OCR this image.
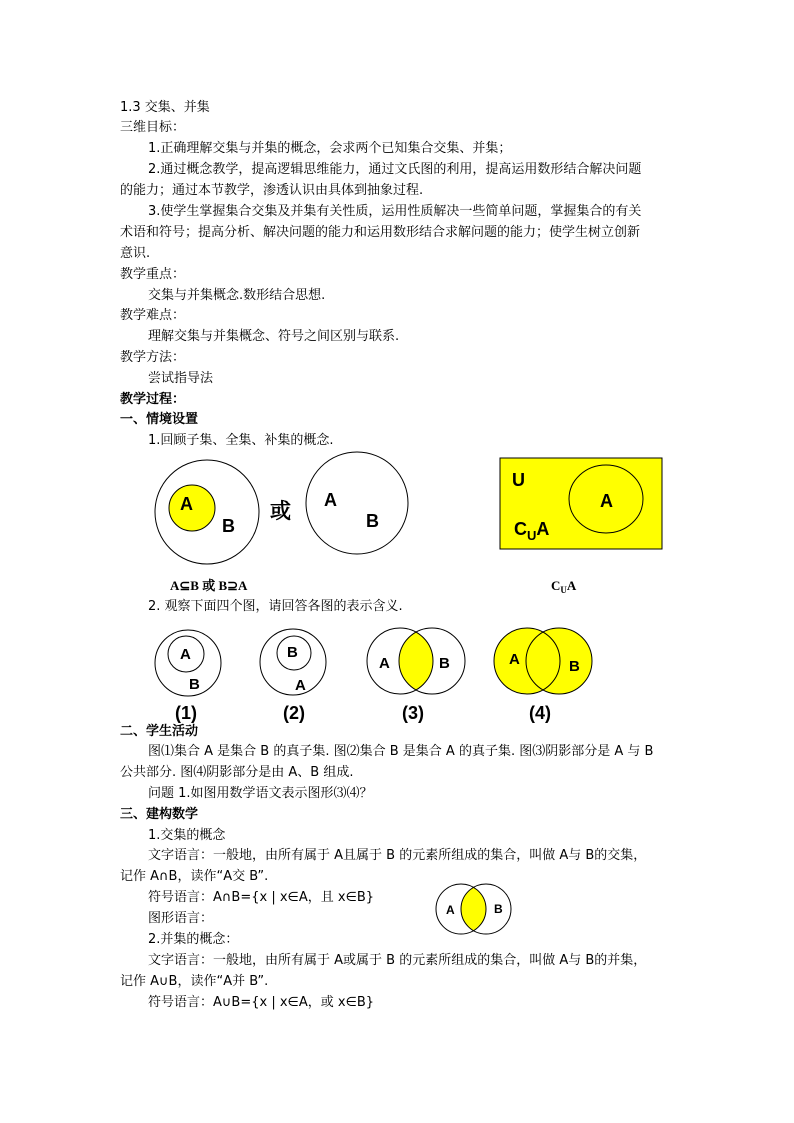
1.3 交集、并集
三维目标：
1.正确理解交集与并集的概念，会求两个已知集合交集、并集；
2.通过概念教学，提高逻辑思维能力，通过文氏图的利用，提高运用数形结合解决问题
的能力；通过本节教学，渗透认识由具体到抽象过程.
3.使学生掌握集合交集及并集有关性质，运用性质解决一些简单问题，掌握集合的有关
术语和符号；提高分析、解决问题的能力和运用数形结合求解问题的能力；使学生树立创新
意识.
教学重点：
交集与并集概念.数形结合思想.
教学难点：
理解交集与并集概念、符号之间区别与联系.
教学方法：
尝试指导法
教学过程：
一、情境设置
1.回顾子集、全集、补集的概念.
A
B
或 A
B
U
A
$C_UA$
A
B
(1)
B
A
(2)
A	B
(3)
A	B
(4)
A	B
A⊆B 或 B⊇A	$C_UA$
2. 观察下面四个图，请回答各图的表示含义.
二、学生活动
图⑴集合 A 是集合 B 的真子集. 图⑵集合 B 是集合 A 的真子集. 图⑶阴影部分是 A 与 B
公共部分. 图⑷阴影部分是由 A、B 组成.
问题 1.如图用数学语文表示图形⑶⑷？
三、建构数学
1.交集的概念
文字语言：一般地，由所有属于 A且属于 B 的元素所组成的集合，叫做 A与 B的交集，
记作 A∩B，读作“A交 B”.
符号语言：A∩B={x | x∈A，且 x∈B}
图形语言：
2.并集的概念：
文字语言：一般地，由所有属于 A或属于 B 的元素所组成的集合，叫做 A与 B的并集，
记作 A∪B，读作“A并 B”.
符号语言：A∪B={x | x∈A，或 x∈B}
